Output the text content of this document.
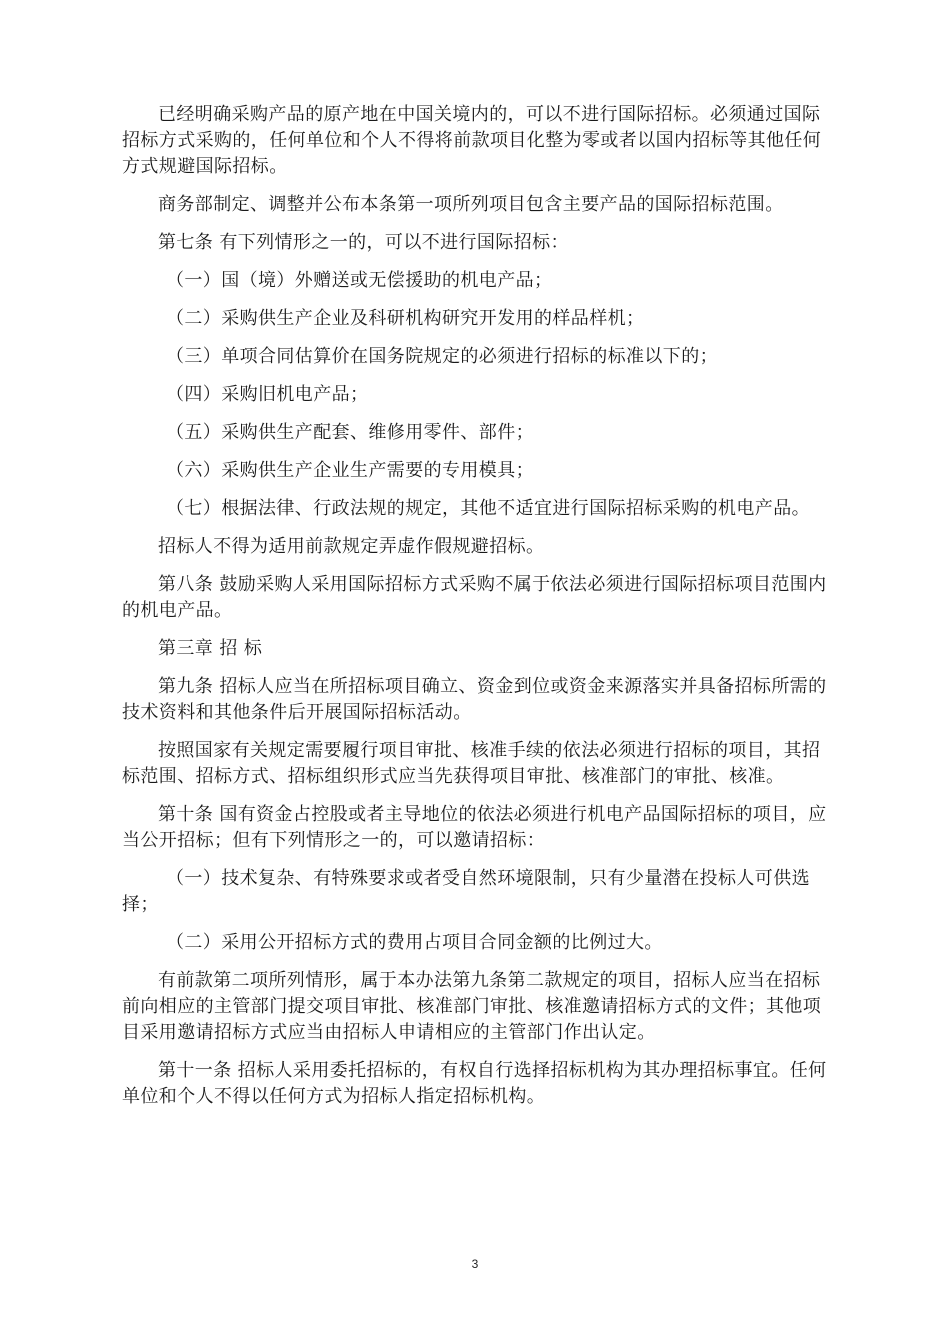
已经明确采购产品的原产地在中国关境内的，可以不进行国际招标。必须通过国际招标方式采购的，任何单位和个人不得将前款项目化整为零或者以国内招标等其他任何方式规避国际招标。

商务部制定、调整并公布本条第一项所列项目包含主要产品的国际招标范围。

第七条 有下列情形之一的，可以不进行国际招标：

（一）国（境）外赠送或无偿援助的机电产品；

（二）采购供生产企业及科研机构研究开发用的样品样机；

（三）单项合同估算价在国务院规定的必须进行招标的标准以下的；

（四）采购旧机电产品；

（五）采购供生产配套、维修用零件、部件；

（六）采购供生产企业生产需要的专用模具；

（七）根据法律、行政法规的规定，其他不适宜进行国际招标采购的机电产品。

招标人不得为适用前款规定弄虚作假规避招标。

第八条 鼓励采购人采用国际招标方式采购不属于依法必须进行国际招标项目范围内的机电产品。

第三章 招 标

第九条 招标人应当在所招标项目确立、资金到位或资金来源落实并具备招标所需的技术资料和其他条件后开展国际招标活动。

按照国家有关规定需要履行项目审批、核准手续的依法必须进行招标的项目，其招标范围、招标方式、招标组织形式应当先获得项目审批、核准部门的审批、核准。

第十条 国有资金占控股或者主导地位的依法必须进行机电产品国际招标的项目，应当公开招标；但有下列情形之一的，可以邀请招标：

（一）技术复杂、有特殊要求或者受自然环境限制，只有少量潜在投标人可供选择；

（二）采用公开招标方式的费用占项目合同金额的比例过大。

有前款第二项所列情形，属于本办法第九条第二款规定的项目，招标人应当在招标前向相应的主管部门提交项目审批、核准部门审批、核准邀请招标方式的文件；其他项目采用邀请招标方式应当由招标人申请相应的主管部门作出认定。

第十一条 招标人采用委托招标的，有权自行选择招标机构为其办理招标事宜。任何单位和个人不得以任何方式为招标人指定招标机构。

3
